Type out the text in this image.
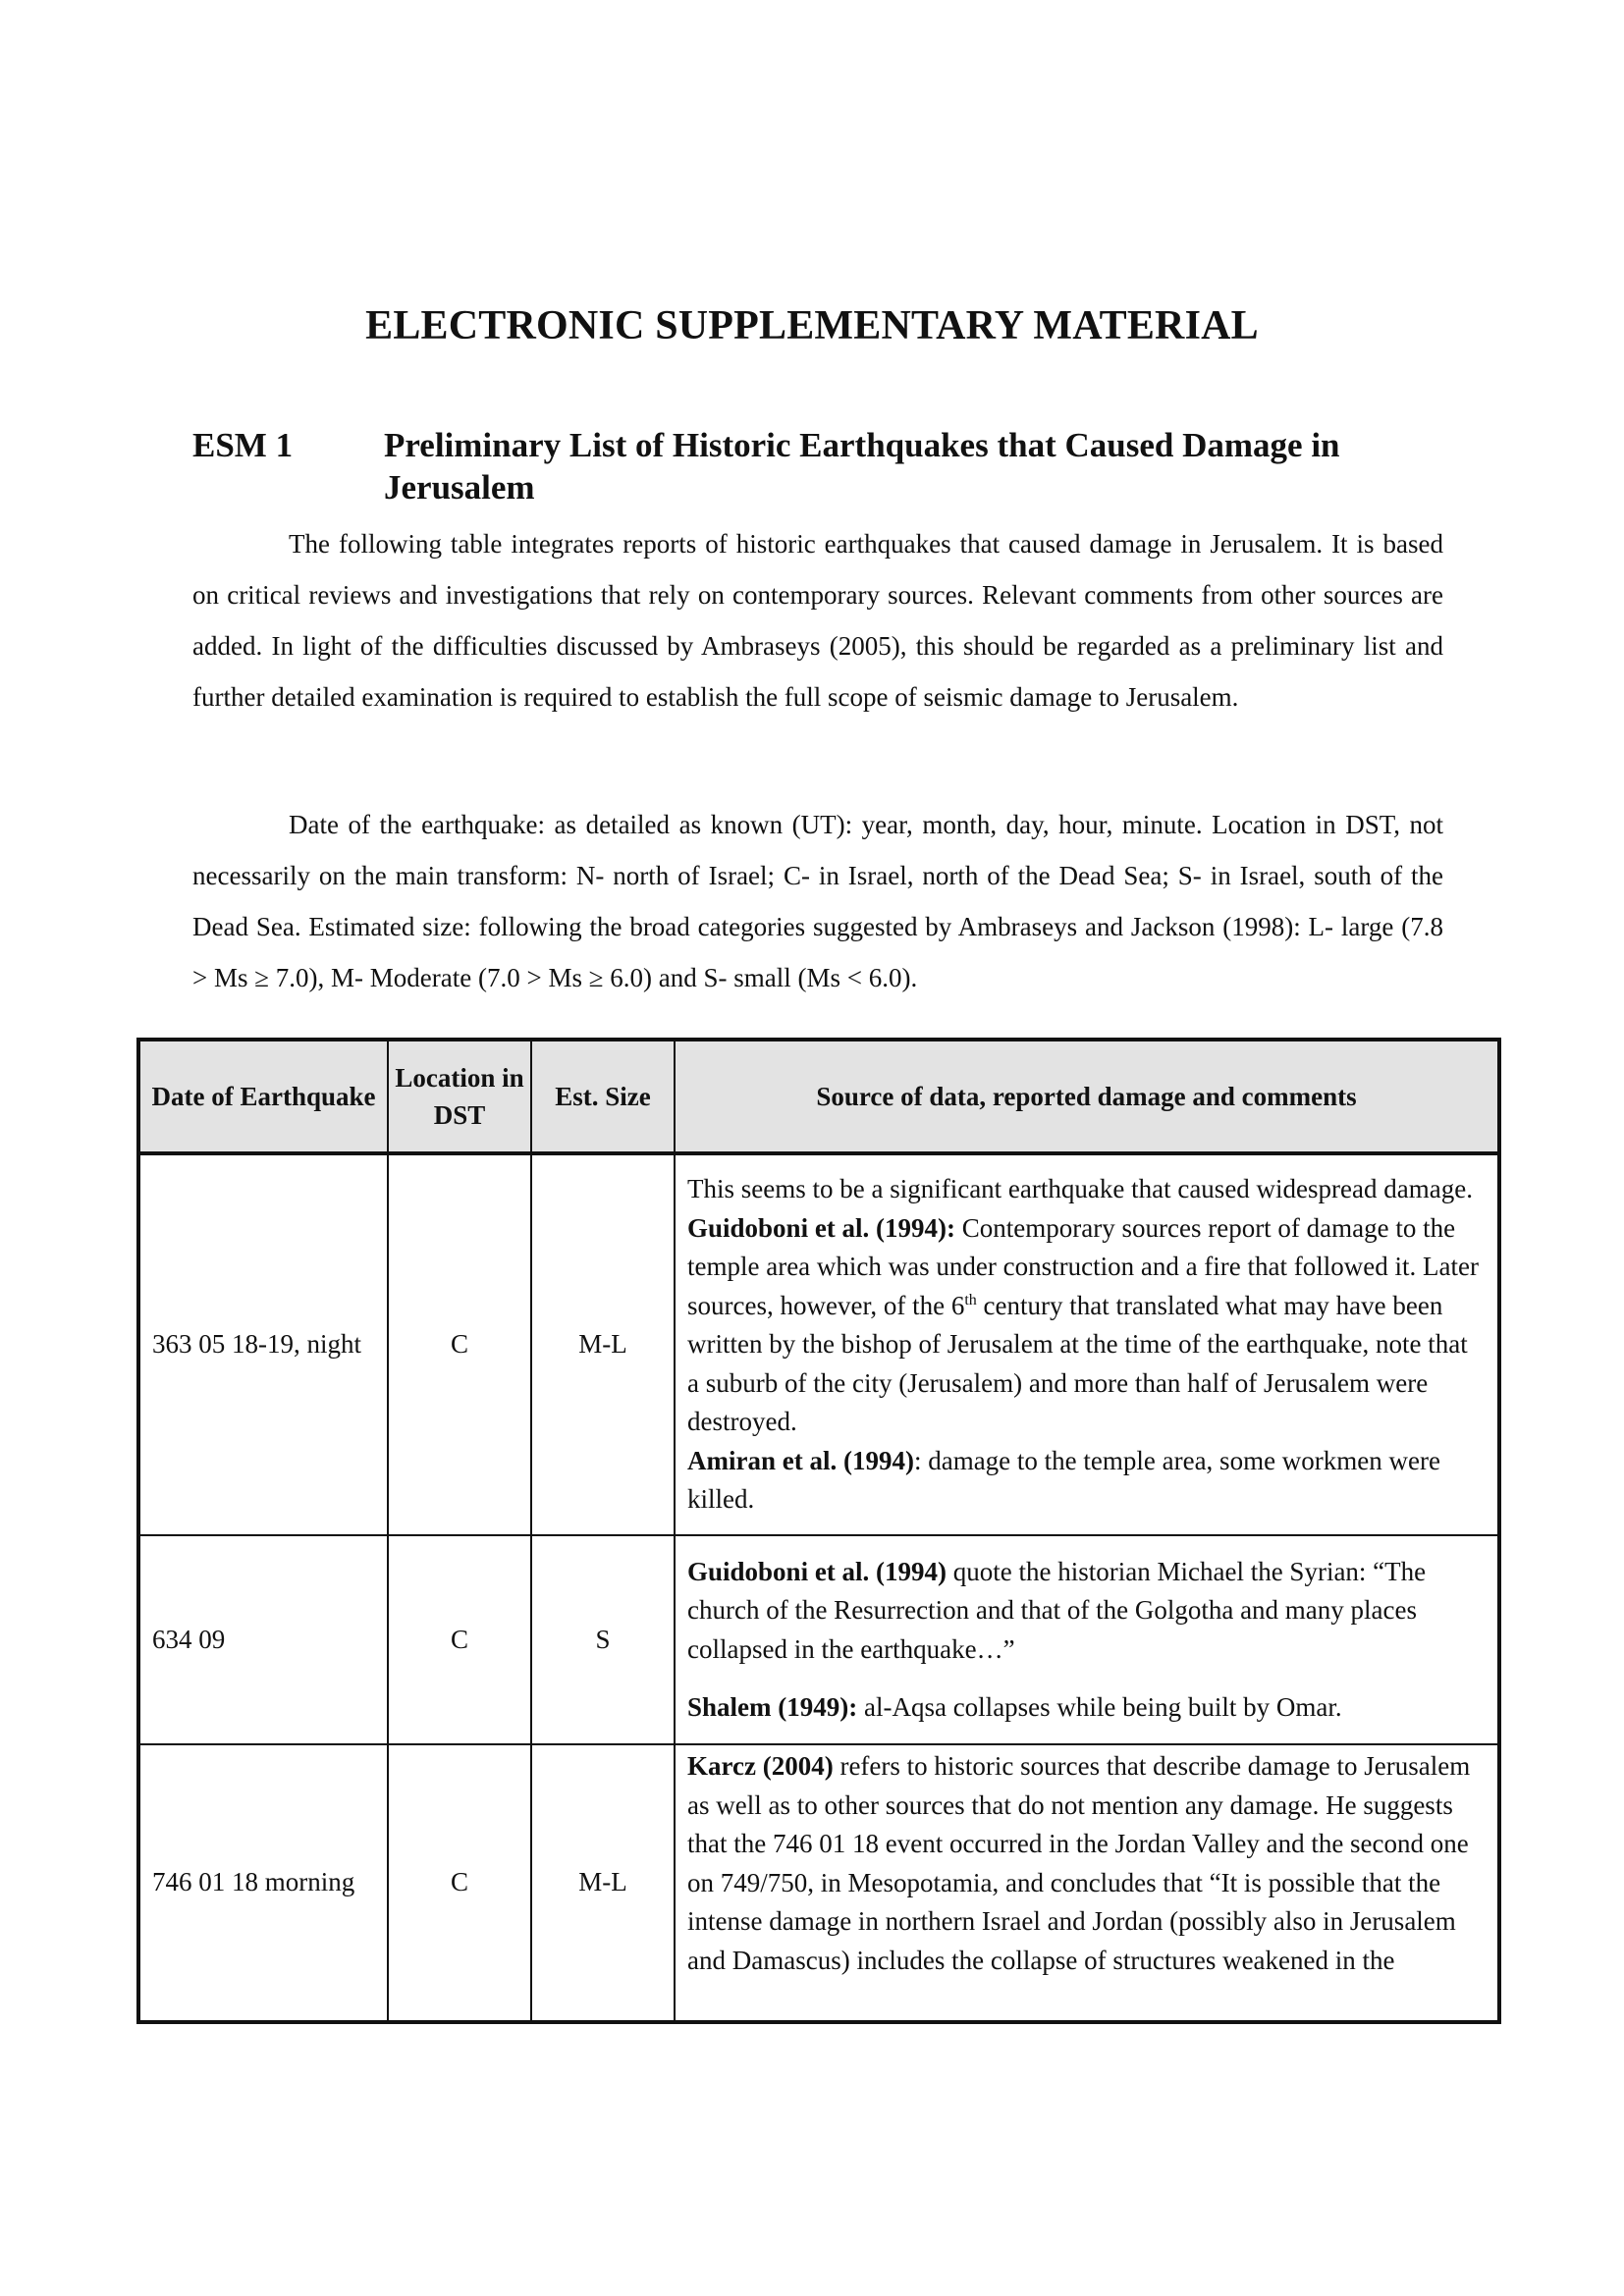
ELECTRONIC SUPPLEMENTARY MATERIAL
ESM 1	Preliminary List of Historic Earthquakes that Caused Damage in Jerusalem

The following table integrates reports of historic earthquakes that caused damage in Jerusalem. It is based on critical reviews and investigations that rely on contemporary sources. Relevant comments from other sources are added. In light of the difficulties discussed by Ambraseys (2005), this should be regarded as a preliminary list and further detailed examination is required to establish the full scope of seismic damage to Jerusalem.

Date of the earthquake: as detailed as known (UT): year, month, day, hour, minute. Location in DST, not necessarily on the main transform: N- north of Israel; C- in Israel, north of the Dead Sea; S- in Israel, south of the Dead Sea. Estimated size: following the broad categories suggested by Ambraseys and Jackson (1998): L- large (7.8 > Ms ≥ 7.0), M- Moderate (7.0 > Ms ≥ 6.0) and S- small (Ms < 6.0).

Date of Earthquake	Location in DST	Est. Size	Source of data, reported damage and comments
363 05 18-19, night	C	M-L	This seems to be a significant earthquake that caused widespread damage. Guidoboni et al. (1994): Contemporary sources report of damage to the temple area which was under construction and a fire that followed it. Later sources, however, of the 6th century that translated what may have been written by the bishop of Jerusalem at the time of the earthquake, note that a suburb of the city (Jerusalem) and more than half of Jerusalem were destroyed.
Amiran et al. (1994): damage to the temple area, some workmen were killed.

634 09	C	S	Guidoboni et al. (1994) quote the historian Michael the Syrian: “The church of the Resurrection and that of the Golgotha and many places collapsed in the earthquake…”

Shalem (1949): al-Aqsa collapses while being built by Omar.

746 01 18 morning	C	M-L	Karcz (2004) refers to historic sources that describe damage to Jerusalem as well as to other sources that do not mention any damage. He suggests that the 746 01 18 event occurred in the Jordan Valley and the second one on 749/750, in Mesopotamia, and concludes that “It is possible that the intense damage in northern Israel and Jordan (possibly also in Jerusalem and Damascus) includes the collapse of structures weakened in the
